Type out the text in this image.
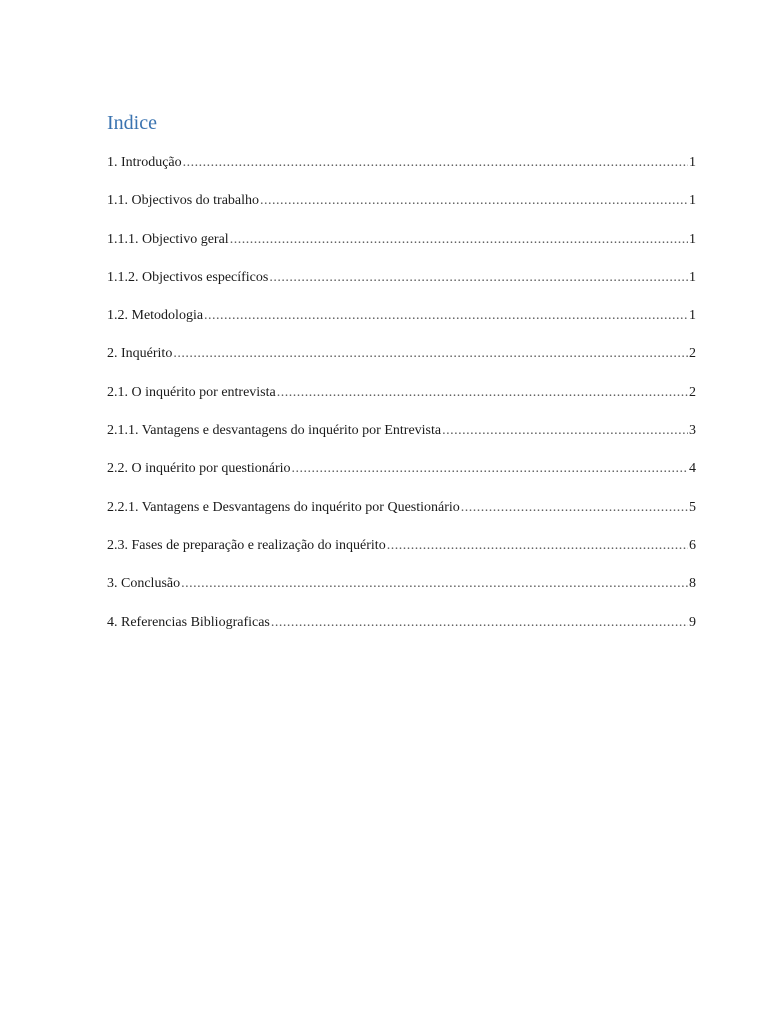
Indice
1. Introdução .....	1
1.1. Objectivos do trabalho .....	1
1.1.1. Objectivo geral .....	1
1.1.2. Objectivos específicos .....	1
1.2. Metodologia .....	1
2. Inquérito .....	2
2.1. O inquérito por entrevista .....	2
2.1.1. Vantagens e desvantagens do inquérito por Entrevista .....	3
2.2. O inquérito por questionário .....	4
2.2.1. Vantagens e Desvantagens do inquérito por Questionário .....	5
2.3. Fases de preparação e realização do inquérito .....	6
3. Conclusão .....	8
4. Referencias Bibliograficas .....	9
